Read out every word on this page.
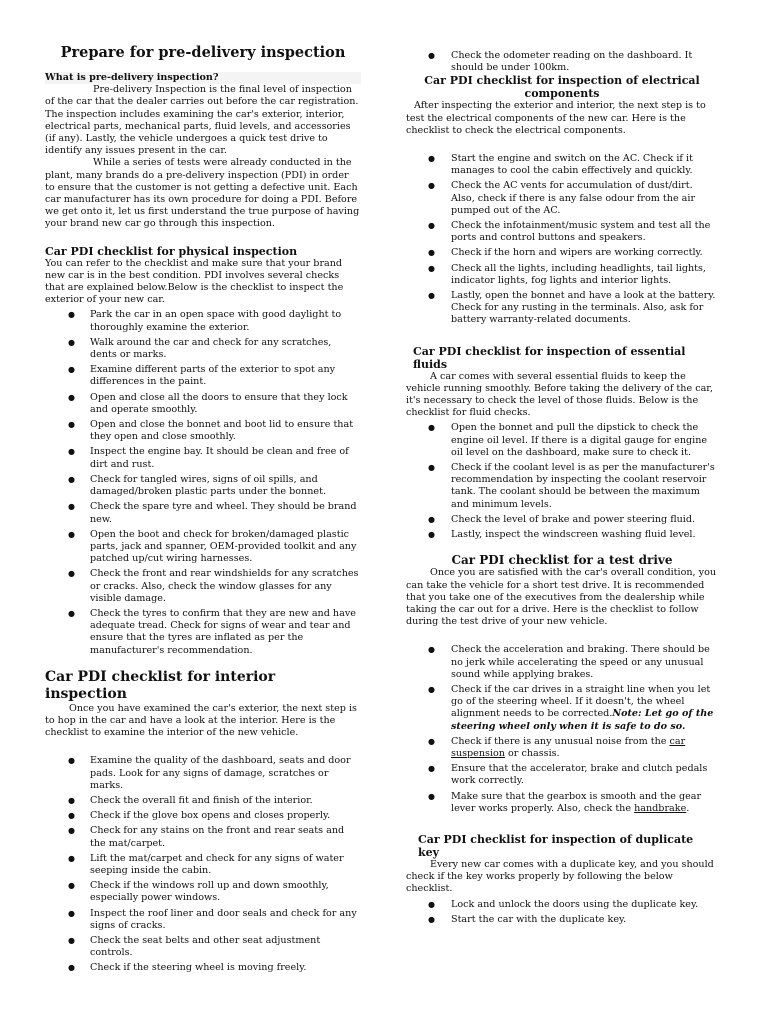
Prepare for pre-delivery inspection

What is pre-delivery inspection?

Pre-delivery Inspection is the final level of inspection of the car that the dealer carries out before the car registration. The inspection includes examining the car's exterior, interior, electrical parts, mechanical parts, fluid levels, and accessories (if any). Lastly, the vehicle undergoes a quick test drive to identify any issues present in the car.

While a series of tests were already conducted in the plant, many brands do a pre-delivery inspection (PDI) in order to ensure that the customer is not getting a defective unit. Each car manufacturer has its own procedure for doing a PDI. Before we get onto it, let us first understand the true purpose of having your brand new car go through this inspection.

Car PDI checklist for physical inspection

You can refer to the checklist and make sure that your brand new car is in the best condition. PDI involves several checks that are explained below.Below is the checklist to inspect the exterior of your new car.

● Park the car in an open space with good daylight to thoroughly examine the exterior.
● Walk around the car and check for any scratches, dents or marks.
● Examine different parts of the exterior to spot any differences in the paint.
● Open and close all the doors to ensure that they lock and operate smoothly.
● Open and close the bonnet and boot lid to ensure that they open and close smoothly.
● Inspect the engine bay. It should be clean and free of dirt and rust.
● Check for tangled wires, signs of oil spills, and damaged/broken plastic parts under the bonnet.
● Check the spare tyre and wheel. They should be brand new.
● Open the boot and check for broken/damaged plastic parts, jack and spanner, OEM-provided toolkit and any patched up/cut wiring harnesses.
● Check the front and rear windshields for any scratches or cracks. Also, check the window glasses for any visible damage.
● Check the tyres to confirm that they are new and have adequate tread. Check for signs of wear and tear and ensure that the tyres are inflated as per the manufacturer's recommendation.
Car PDI checklist for interior inspection

Once you have examined the car's exterior, the next step is to hop in the car and have a look at the interior. Here is the checklist to examine the interior of the new vehicle.

● Examine the quality of the dashboard, seats and door pads. Look for any signs of damage, scratches or marks.
● Check the overall fit and finish of the interior.
● Check if the glove box opens and closes properly.
● Check for any stains on the front and rear seats and the mat/carpet.
● Lift the mat/carpet and check for any signs of water seeping inside the cabin.
● Check if the windows roll up and down smoothly, especially power windows.
● Inspect the roof liner and door seals and check for any signs of cracks.
● Check the seat belts and other seat adjustment controls.
● Check if the steering wheel is moving freely.
● Check the odometer reading on the dashboard. It should be under 100km.
Car PDI checklist for inspection of electrical components

After inspecting the exterior and interior, the next step is to test the electrical components of the new car. Here is the checklist to check the electrical components.

● Start the engine and switch on the AC. Check if it manages to cool the cabin effectively and quickly.
● Check the AC vents for accumulation of dust/dirt. Also, check if there is any false odour from the air pumped out of the AC.
● Check the infotainment/music system and test all the ports and control buttons and speakers.
● Check if the horn and wipers are working correctly.
● Check all the lights, including headlights, tail lights, indicator lights, fog lights and interior lights.
● Lastly, open the bonnet and have a look at the battery. Check for any rusting in the terminals. Also, ask for battery warranty-related documents.
Car PDI checklist for inspection of essential fluids

A car comes with several essential fluids to keep the vehicle running smoothly. Before taking the delivery of the car, it's necessary to check the level of those fluids. Below is the checklist for fluid checks.

● Open the bonnet and pull the dipstick to check the engine oil level. If there is a digital gauge for engine oil level on the dashboard, make sure to check it.
● Check if the coolant level is as per the manufacturer's recommendation by inspecting the coolant reservoir tank. The coolant should be between the maximum and minimum levels.
● Check the level of brake and power steering fluid.
● Lastly, inspect the windscreen washing fluid level.
Car PDI checklist for a test drive

Once you are satisfied with the car's overall condition, you can take the vehicle for a short test drive. It is recommended that you take one of the executives from the dealership while taking the car out for a drive. Here is the checklist to follow during the test drive of your new vehicle.

● Check the acceleration and braking. There should be no jerk while accelerating the speed or any unusual sound while applying brakes.
● Check if the car drives in a straight line when you let go of the steering wheel. If it doesn't, the wheel alignment needs to be corrected.Note: Let go of the steering wheel only when it is safe to do so.
● Check if there is any unusual noise from the car suspension or chassis.
● Ensure that the accelerator, brake and clutch pedals work correctly.
● Make sure that the gearbox is smooth and the gear lever works properly. Also, check the handbrake.
Car PDI checklist for inspection of duplicate key

Every new car comes with a duplicate key, and you should check if the key works properly by following the below checklist.

● Lock and unlock the doors using the duplicate key.
● Start the car with the duplicate key.
